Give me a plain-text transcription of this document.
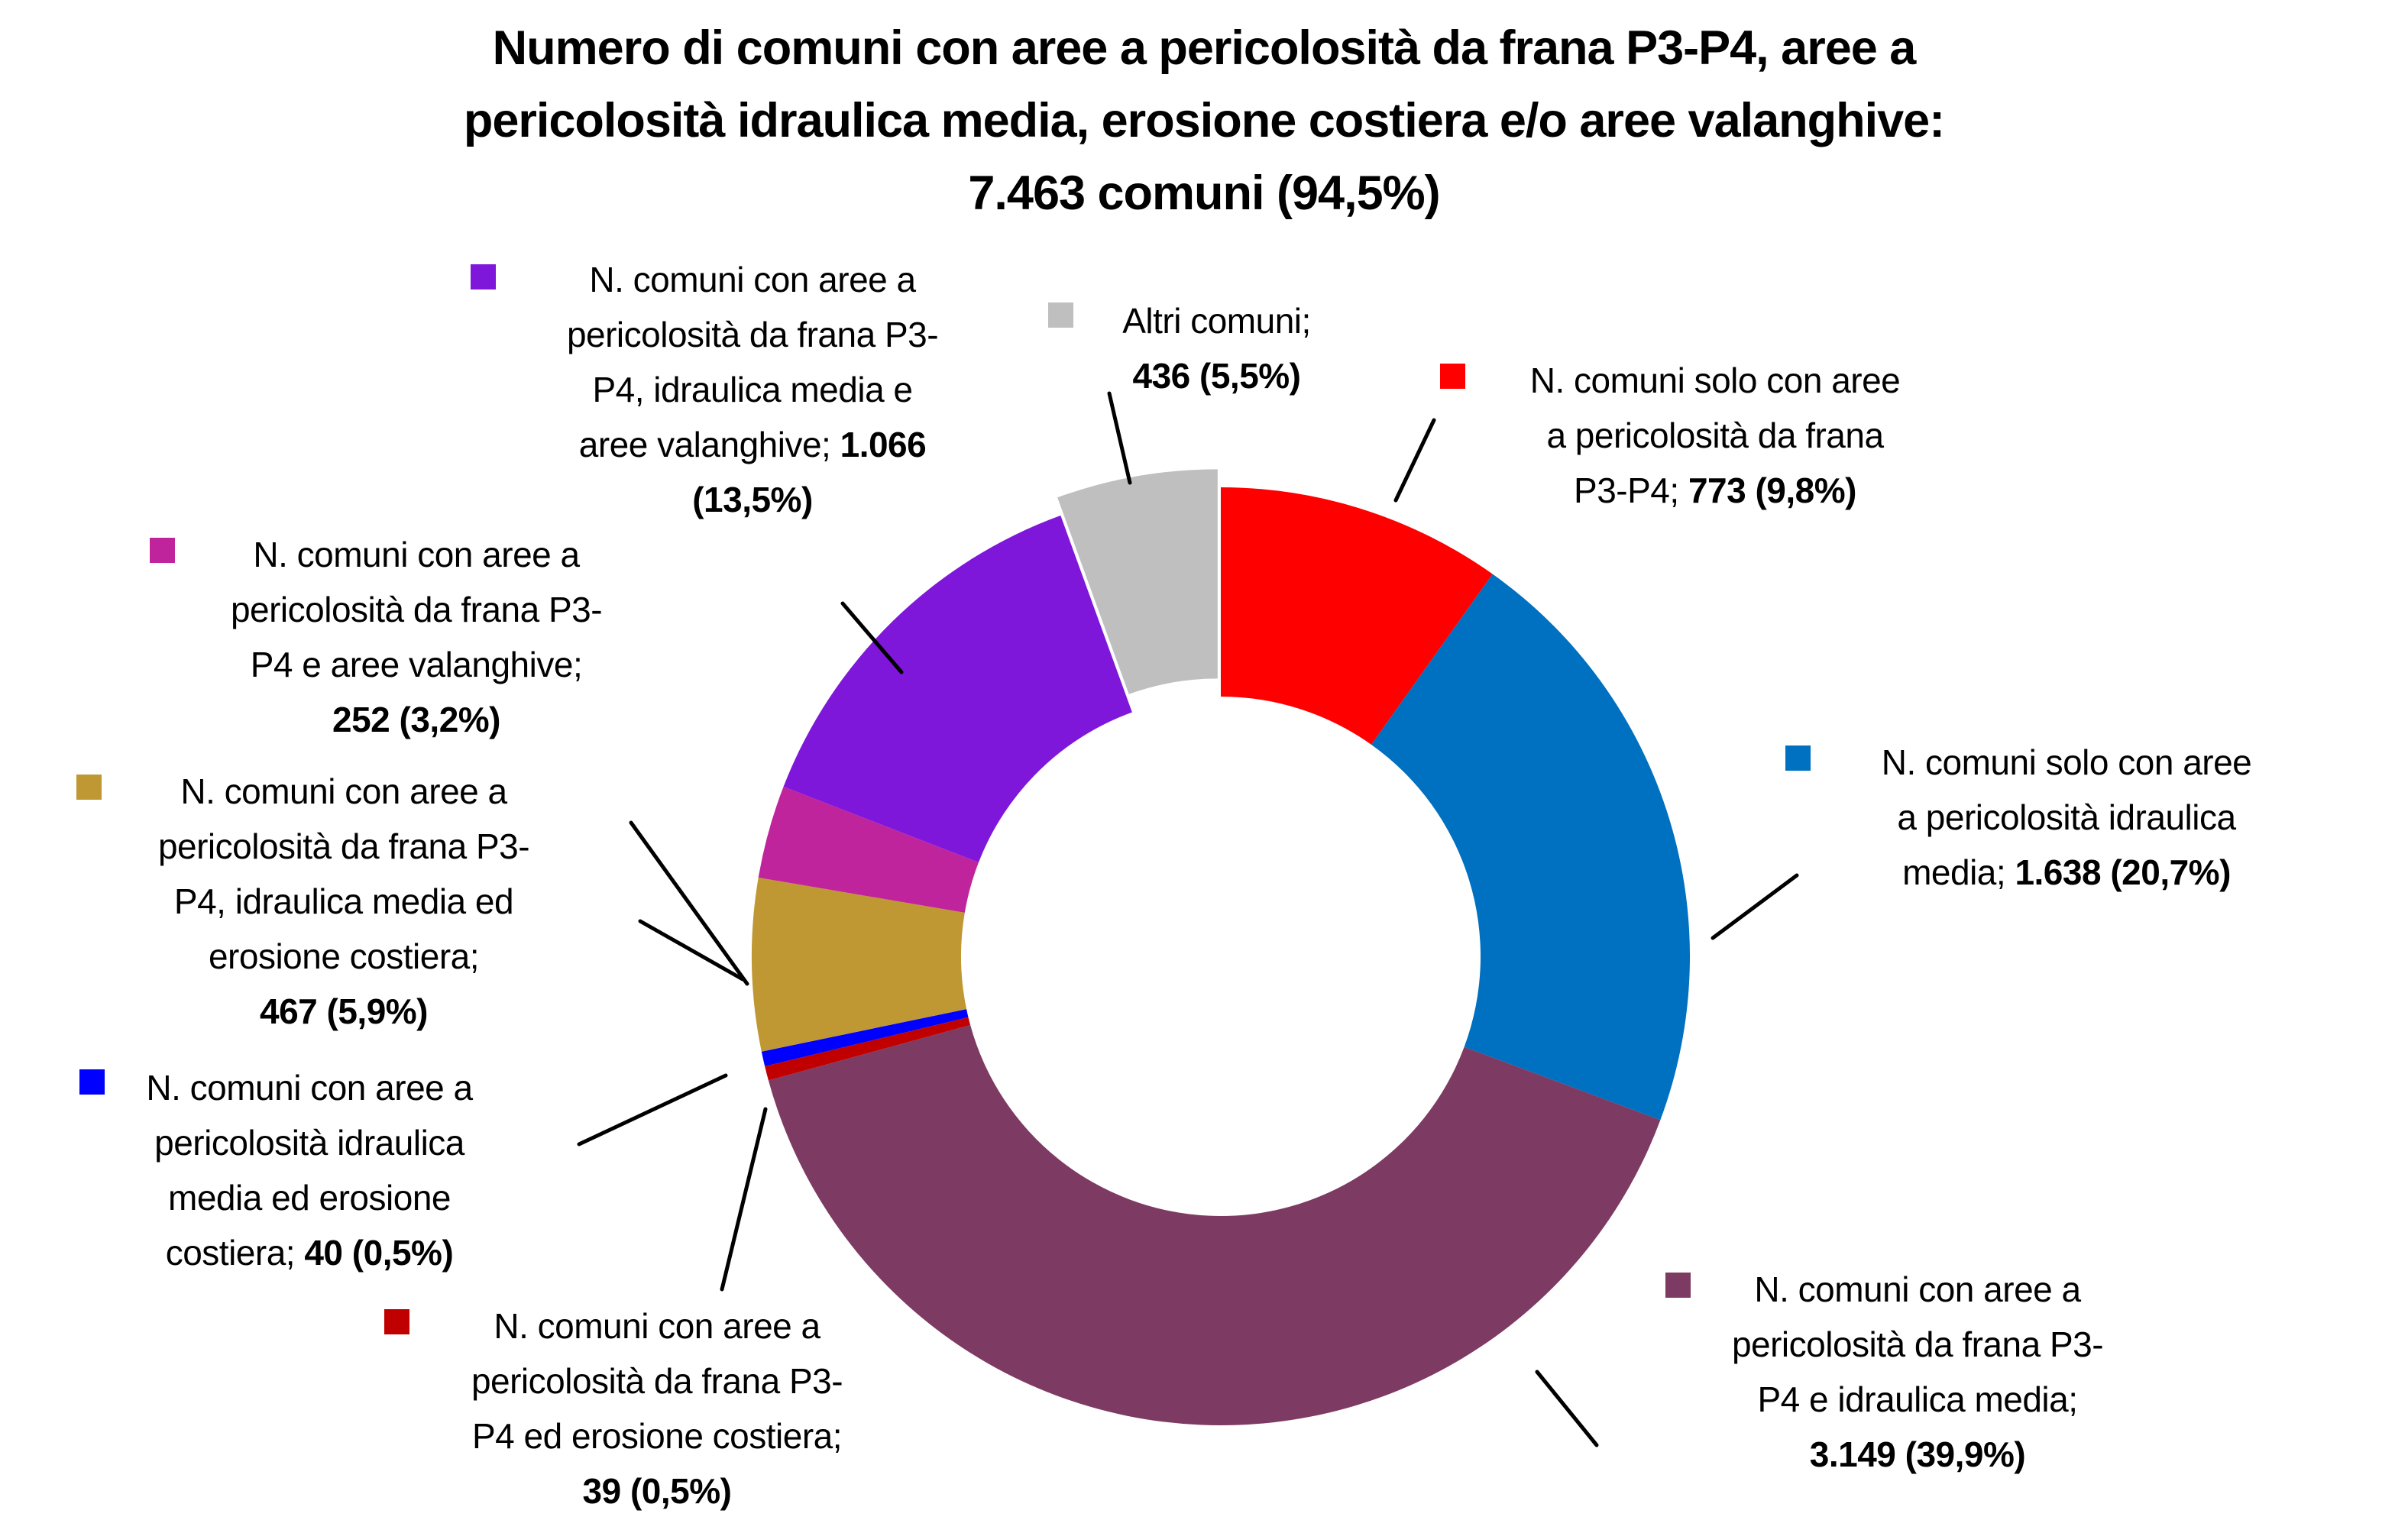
Numero di comuni con aree a pericolosità da frana P3-P4, aree a
pericolosità idraulica media, erosione costiera e/o aree valanghive:
7.463 comuni (94,5%)
N. comuni solo con aree
a pericolosità da frana
P3-P4; 773 (9,8%)
N. comuni solo con aree
a pericolosità idraulica
media; 1.638 (20,7%)
N. comuni con aree a
pericolosità da frana P3-
P4 e idraulica media;
3.149 (39,9%)
N. comuni con aree a
pericolosità da frana P3-
P4 ed erosione costiera;
39 (0,5%)
N. comuni con aree a
pericolosità idraulica
media ed erosione
costiera; 40 (0,5%)
N. comuni con aree a
pericolosità da frana P3-
P4, idraulica media ed
erosione costiera;
467 (5,9%)
N. comuni con aree a
pericolosità da frana P3-
P4 e aree valanghive;
252 (3,2%)
N. comuni con aree a
pericolosità da frana P3-
P4, idraulica media e
aree valanghive; 1.066
(13,5%)
Altri comuni;
436 (5,5%)
